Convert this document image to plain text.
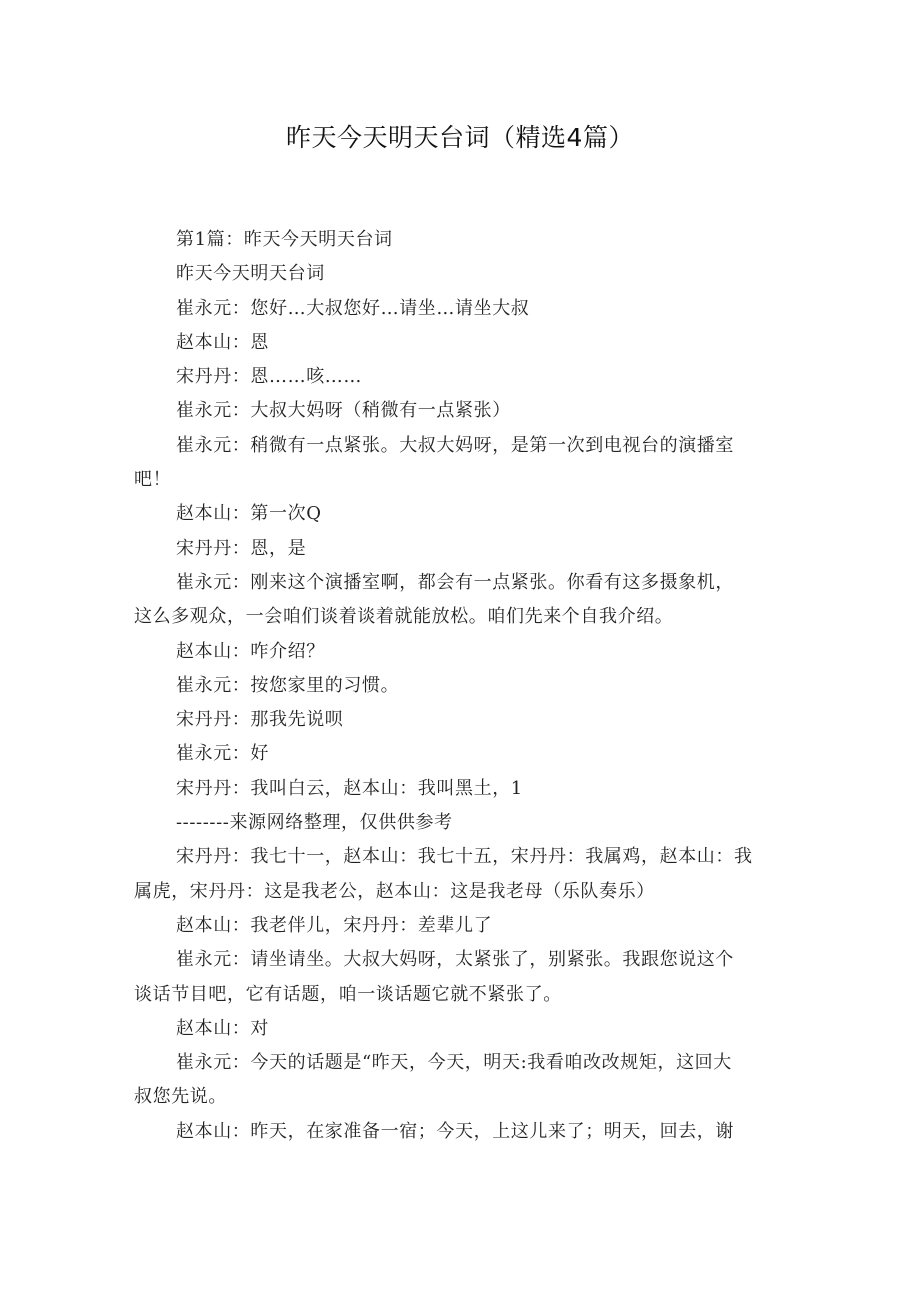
昨天今天明天台词（精选4篇）
第1篇：昨天今天明天台词
昨天今天明天台词
崔永元：您好…大叔您好…请坐…请坐大叔
赵本山：恩
宋丹丹：恩……咳……
崔永元：大叔大妈呀（稍微有一点紧张）
崔永元：稍微有一点紧张。大叔大妈呀，是第一次到电视台的演播室
吧！
赵本山：第一次Q
宋丹丹：恩，是
崔永元：刚来这个演播室啊，都会有一点紧张。你看有这多摄象机，
这么多观众，一会咱们谈着谈着就能放松。咱们先来个自我介绍。
赵本山：咋介绍？
崔永元：按您家里的习惯。
宋丹丹：那我先说呗
崔永元：好
宋丹丹：我叫白云，赵本山：我叫黑土，1
--------来源网络整理，仅供供参考
宋丹丹：我七十一，赵本山：我七十五，宋丹丹：我属鸡，赵本山：我
属虎，宋丹丹：这是我老公，赵本山：这是我老母（乐队奏乐）
赵本山：我老伴儿，宋丹丹：差辈儿了
崔永元：请坐请坐。大叔大妈呀，太紧张了，别紧张。我跟您说这个
谈话节目吧，它有话题，咱一谈话题它就不紧张了。
赵本山：对
崔永元：今天的话题是“昨天，今天，明天:我看咱改改规矩，这回大
叔您先说。
赵本山：昨天，在家准备一宿；今天，上这儿来了；明天，回去，谢
